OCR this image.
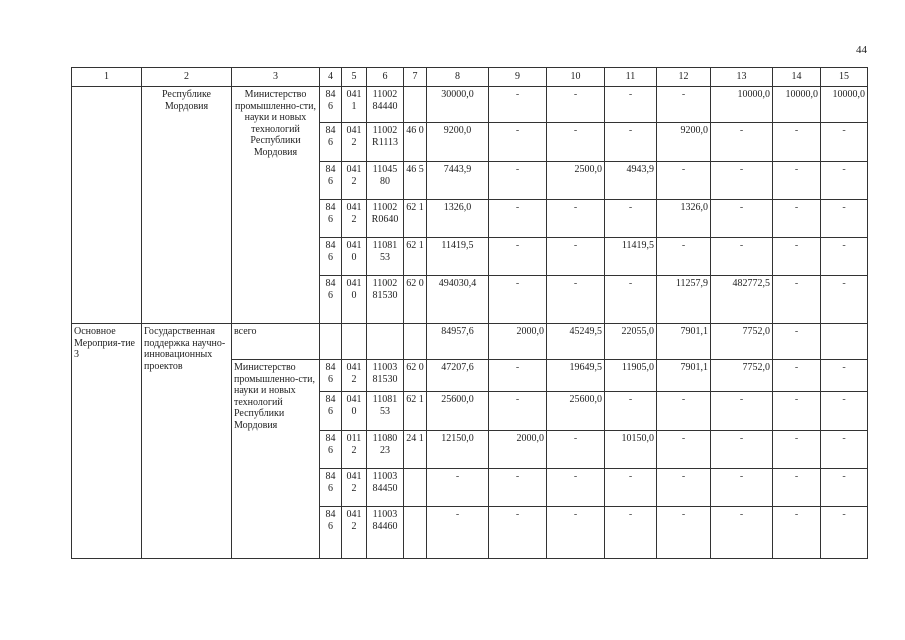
44
1	2	3	4	5	6	7	8	9	10	11	12	13	14	15
	Республике Мордовия	Министерство промышленно-сти, науки и новых технологий Республики Мордовия	84 6	041 1	11002 84440		30000,0	-	-	-	-	10000,0	10000,0	10000,0
			84 6	041 2	11002 R1113	46 0	9200,0	-	-	-	9200,0	-	-	-
			84 6	041 2	11045 80	46 5	7443,9	-	2500,0	4943,9	-	-	-	-
			84 6	041 2	11002 R0640	62 1	1326,0	-	-	-	1326,0	-	-	-
			84 6	041 0	11081 53	62 1	11419,5	-	-	11419,5	-	-	-	-
			84 6	041 0	11002 81530	62 0	494030,4	-	-	-	11257,9	482772,5	-	-
Основное Мероприя-тие 3	Государственная поддержка научно-инновационных проектов	всего					84957,6	2000,0	45249,5	22055,0	7901,1	7752,0	-	
		Министерство промышленно-сти, науки и новых технологий Республики Мордовия	84 6	041 2	11003 81530	62 0	47207,6	-	19649,5	11905,0	7901,1	7752,0	-	-
			84 6	041 0	11081 53	62 1	25600,0	-	25600,0	-	-	-	-	-
			84 6	011 2	11080 23	24 1	12150,0	2000,0	-	10150,0	-	-	-	-
			84 6	041 2	11003 84450		-	-	-	-	-	-	-	-
			84 6	041 2	11003 84460		-	-	-	-	-	-	-	-
